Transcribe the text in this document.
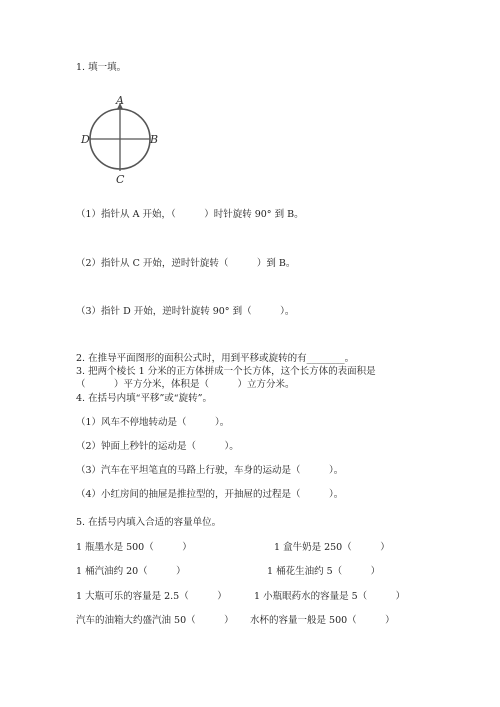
1. 填一填。
A
D	B
C
（1）指针从 A 开始，（　　　）时针旋转 90° 到 B。
（2）指针从 C 开始，逆时针旋转（　　　）到 B。
（3）指针 D 开始，逆时针旋转 90° 到（　　　）。
2. 在推导平面图形的面积公式时，用到平移或旋转的有________。
3. 把两个棱长 1 分米的正方体拼成一个长方体，这个长方体的表面积是
（　　　）平方分米，体积是（　　　）立方分米。
4. 在括号内填“平移”或“旋转”。
（1）风车不停地转动是（　　　）。
（2）钟面上秒针的运动是（　　　）。
（3）汽车在平坦笔直的马路上行驶，车身的运动是（　　　）。
（4）小红房间的抽屉是推拉型的，开抽屉的过程是（　　　）。
5. 在括号内填入合适的容量单位。
1 瓶墨水是 500（　　　）	1 盒牛奶是 250（　　　）
1 桶汽油约 20（　　　）	1 桶花生油约 5（　　　）
1 大瓶可乐的容量是 2.5（　　　）	1 小瓶眼药水的容量是 5（　　　）
汽车的油箱大约盛汽油 50（　　　） 水杯的容量一般是 500（　　　）
